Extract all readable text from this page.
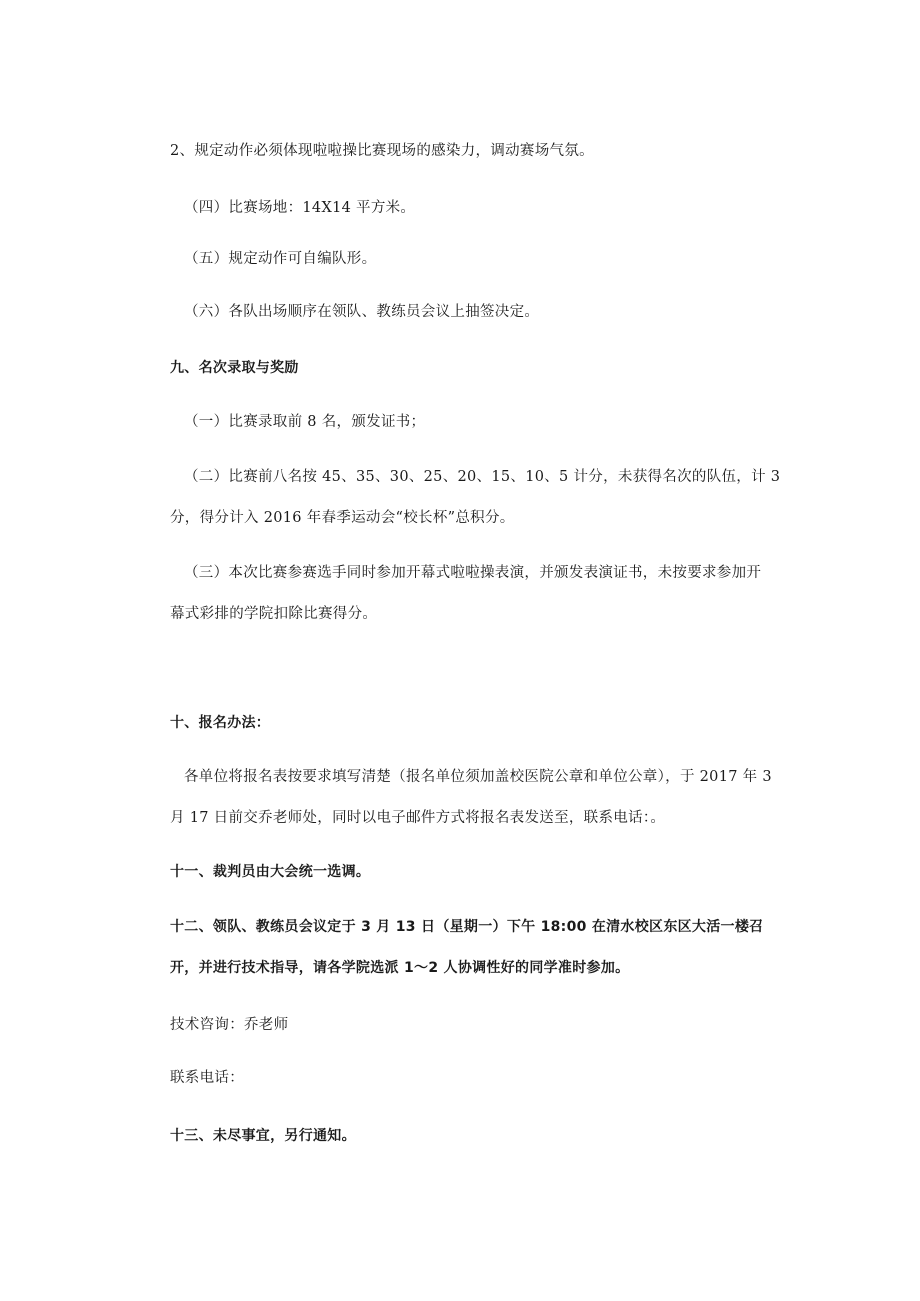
2、规定动作必须体现啦啦操比赛现场的感染力，调动赛场气氛。
（四）比赛场地：14X14 平方米。
（五）规定动作可自编队形。
（六）各队出场顺序在领队、教练员会议上抽签决定。
九、名次录取与奖励
（一）比赛录取前 8 名，颁发证书；
（二）比赛前八名按 45、35、30、25、20、15、10、5 计分，未获得名次的队伍，计 3
分，得分计入 2016 年春季运动会“校长杯”总积分。
（三）本次比赛参赛选手同时参加开幕式啦啦操表演，并颁发表演证书，未按要求参加开
幕式彩排的学院扣除比赛得分。
十、报名办法：
各单位将报名表按要求填写清楚（报名单位须加盖校医院公章和单位公章），于 2017 年 3
月 17 日前交乔老师处，同时以电子邮件方式将报名表发送至，联系电话：。
十一、裁判员由大会统一选调。
十二、领队、教练员会议定于 3 月 13 日（星期一）下午 18:00 在清水校区东区大活一楼召
开，并进行技术指导，请各学院选派 1～2 人协调性好的同学准时参加。
技术咨询：乔老师
联系电话：
十三、未尽事宜，另行通知。
